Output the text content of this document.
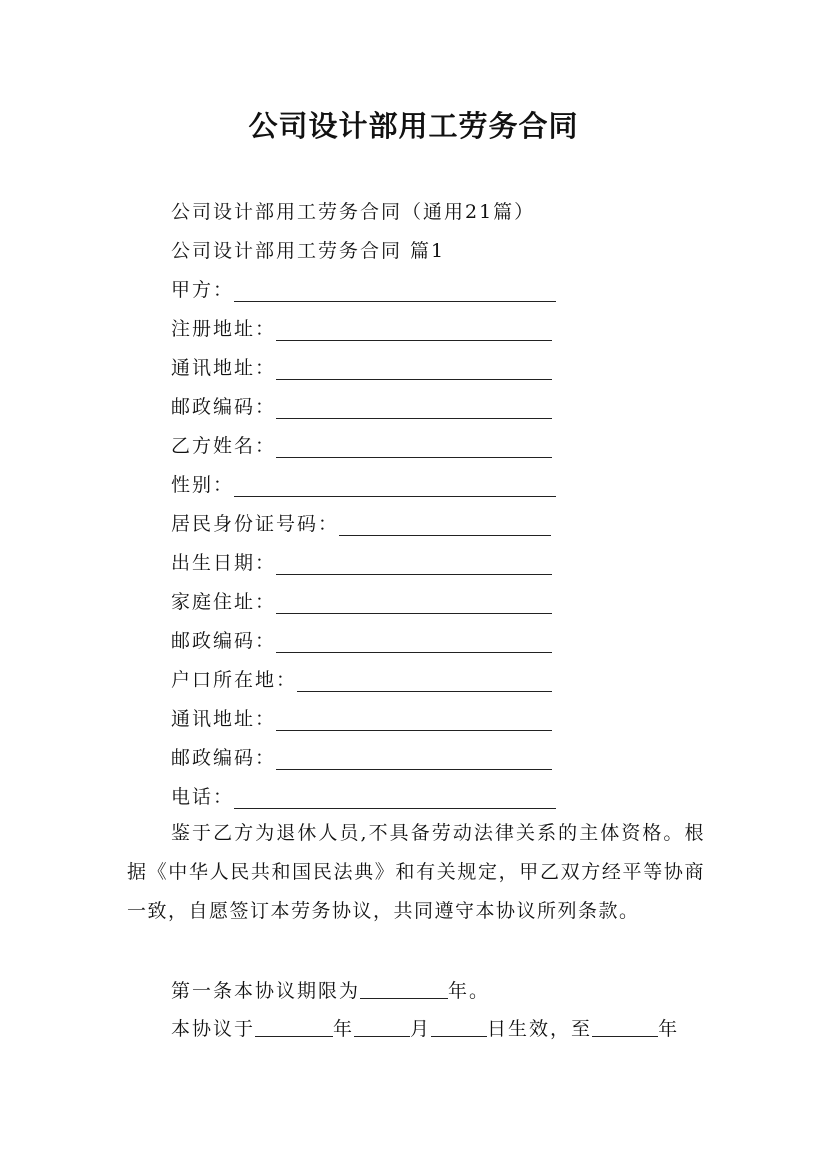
公司设计部用工劳务合同
公司设计部用工劳务合同（通用21篇）
公司设计部用工劳务合同 篇1
甲方：
注册地址：
通讯地址：
邮政编码：
乙方姓名：
性别：
居民身份证号码：
出生日期：
家庭住址：
邮政编码：
户口所在地：
通讯地址：
邮政编码：
电话：
鉴于乙方为退休人员,不具备劳动法律关系的主体资格。根据《中华人民共和国民法典》和有关规定，甲乙双方经平等协商一致，自愿签订本劳务协议，共同遵守本协议所列条款。
第一条本协议期限为	年。
本协议于	年	月	日生效，至	年
